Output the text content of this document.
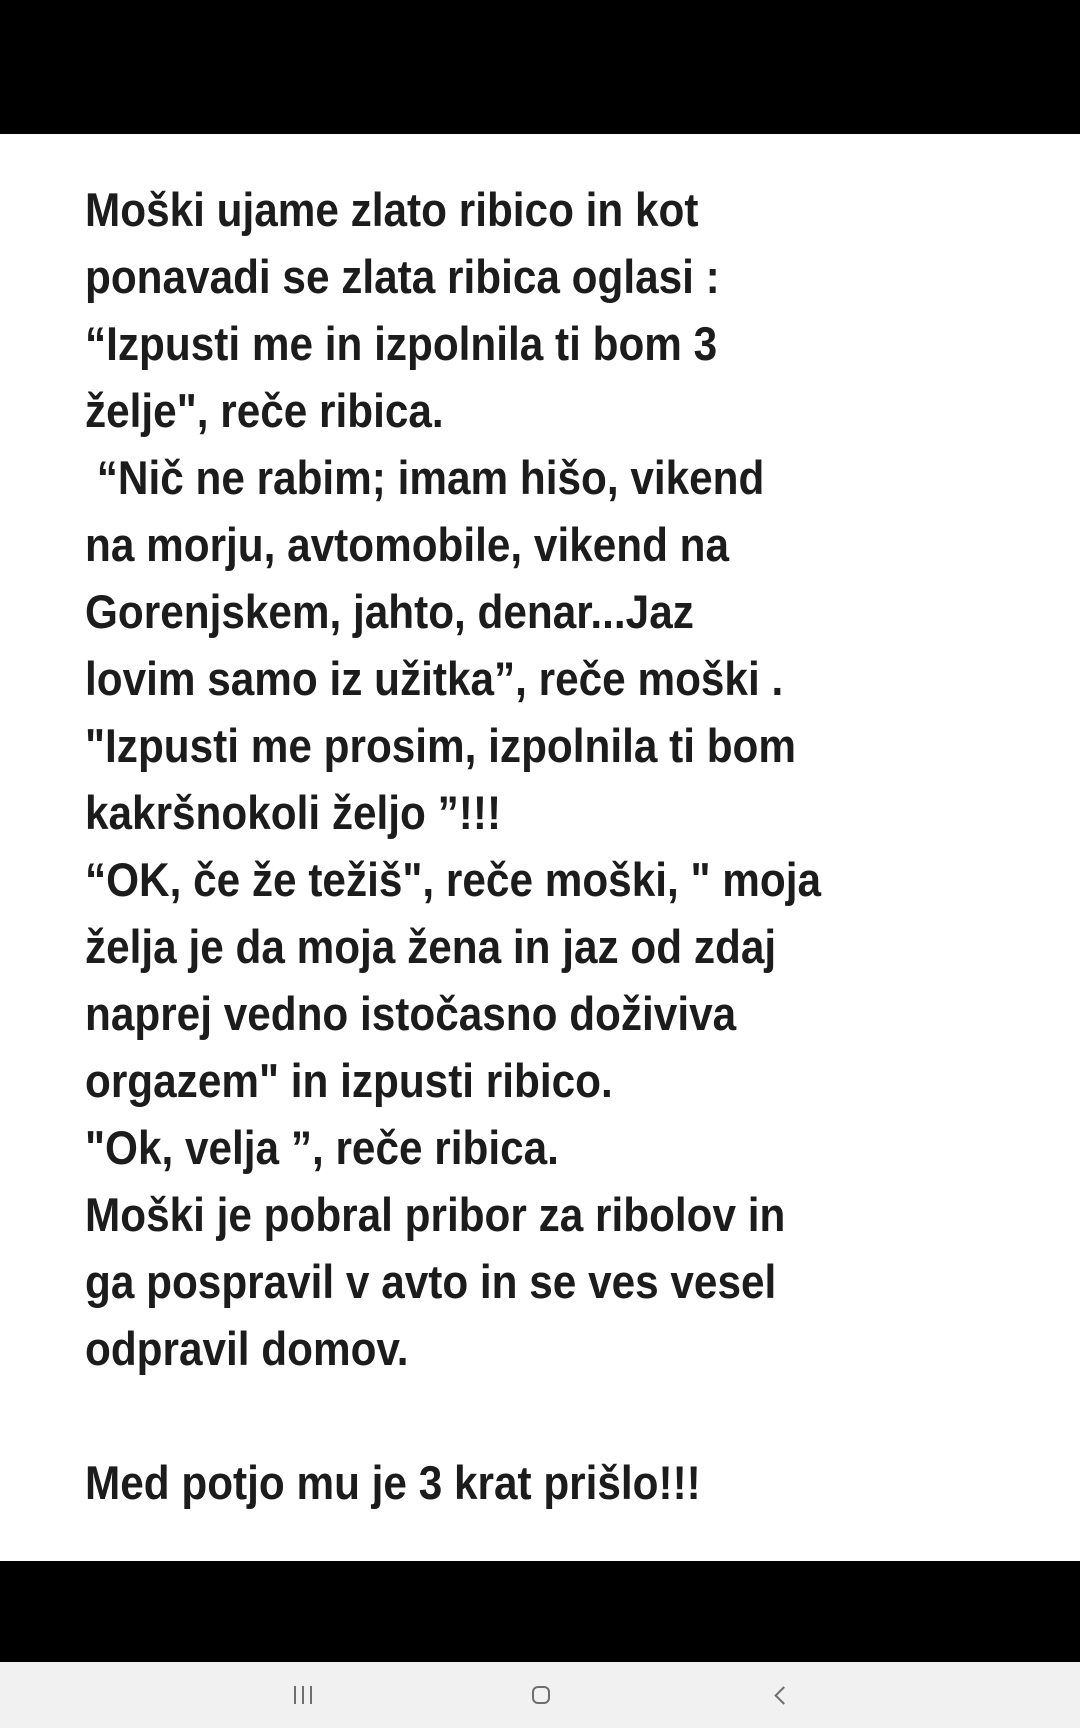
Moški ujame zlato ribico in kot
ponavadi se zlata ribica oglasi :
“Izpusti me in izpolnila ti bom 3
želje", reče ribica.
“Nič ne rabim; imam hišo, vikend
na morju, avtomobile, vikend na
Gorenjskem, jahto, denar...Jaz
lovim samo iz užitka”, reče moški .
"Izpusti me prosim, izpolnila ti bom
kakršnokoli željo ”!!!
“OK, če že težiš", reče moški, " moja
želja je da moja žena in jaz od zdaj
naprej vedno istočasno doživiva
orgazem" in izpusti ribico.
"Ok, velja ”, reče ribica.
Moški je pobral pribor za ribolov in
ga pospravil v avto in se ves vesel
odpravil domov.
Med potjo mu je 3 krat prišlo!!!
